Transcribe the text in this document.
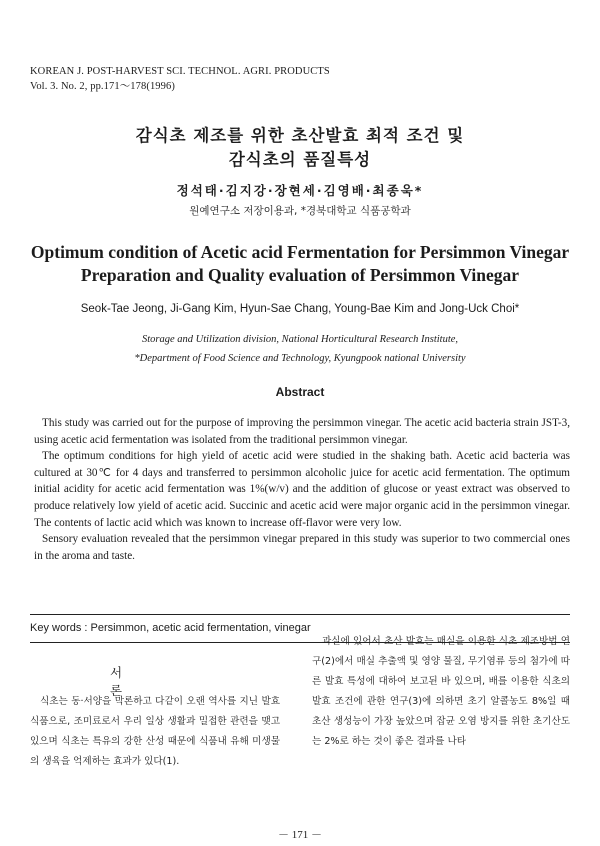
KOREAN J. POST-HARVEST SCI. TECHNOL. AGRI. PRODUCTS
Vol. 3. No. 2, pp.171～178(1996)
감식초 제조를 위한 초산발효 최적 조건 및
감식초의 품질특성
정석태·김지강·장현세·김영배·최종욱*
원예연구소 저장이용과, *경북대학교 식품공학과
Optimum condition of Acetic acid Fermentation for Persimmon Vinegar
Preparation and Quality evaluation of Persimmon Vinegar
Seok-Tae Jeong, Ji-Gang Kim, Hyun-Sae Chang, Young-Bae Kim and Jong-Uck Choi*
Storage and Utilization division, National Horticultural Research Institute,
*Department of Food Science and Technology, Kyungpook national University
Abstract

This study was carried out for the purpose of improving the persimmon vinegar. The acetic acid bacteria strain JST-3, using acetic acid fermentation was isolated from the traditional persimmon vinegar.

The optimum conditions for high yield of acetic acid were studied in the shaking bath. Acetic acid bacteria was cultured at 30℃ for 4 days and transferred to persimmon alcoholic juice for acetic acid fermentation. The optimum initial acidity for acetic acid fermentation was 1%(w/v) and the addition of glucose or yeast extract was observed to produce relatively low yield of acetic acid. Succinic and acetic acid were major organic acid in the persimmon vinegar. The contents of lactic acid which was known to increase off-flavor were very low.

Sensory evaluation revealed that the persimmon vinegar prepared in this study was superior to two commercial ones in the aroma and taste.

Key words : Persimmon, acetic acid fermentation, vinegar
서 론

식초는 동·서양을 막론하고 다같이 오랜 역사를 지닌 발효식품으로, 조미료로서 우리 일상 생활과 밀접한 관련을 맺고 있으며 식초는 특유의 강한 산성 때문에 식품내 유해 미생물의 생육을 억제하는 효과가 있다(1).

과실에 있어서 초산 발효는 매실을 이용한 식초 제조방법 연구(2)에서 매실 추출액 및 영양 물질, 무기염류 등의 첨가에 따른 발효 특성에 대하여 보고된 바 있으며, 배를 이용한 식초의 발효 조건에 관한 연구(3)에 의하면 초기 알콜농도 8%일 때 초산 생성능이 가장 높았으며 잡균 오염 방지를 위한 초기산도는 2%로 하는 것이 좋은 결과를 나타

－ 171 －
